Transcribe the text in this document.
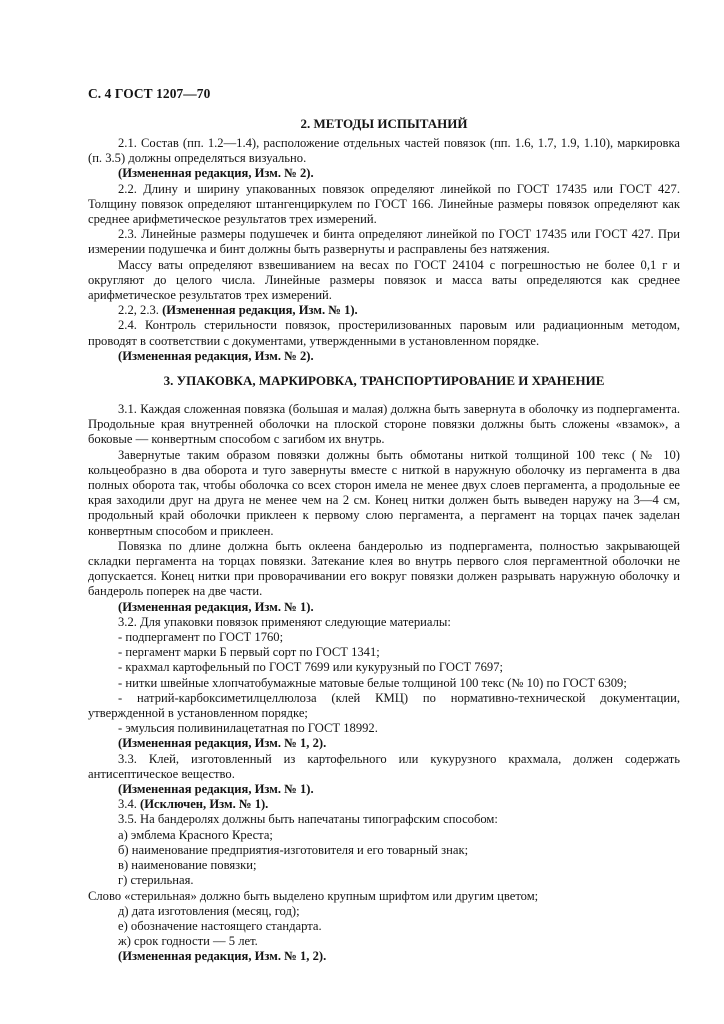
С. 4 ГОСТ 1207—70
2. МЕТОДЫ ИСПЫТАНИЙ

2.1. Состав (пп. 1.2—1.4), расположение отдельных частей повязок (пп. 1.6, 1.7, 1.9, 1.10), маркировка (п. 3.5) должны определяться визуально.

(Измененная редакция, Изм. № 2).

2.2. Длину и ширину упакованных повязок определяют линейкой по ГОСТ 17435 или ГОСТ 427. Толщину повязок определяют штангенциркулем по ГОСТ 166. Линейные размеры повязок определяют как среднее арифметическое результатов трех измерений.

2.3. Линейные размеры подушечек и бинта определяют линейкой по ГОСТ 17435 или ГОСТ 427. При измерении подушечка и бинт должны быть развернуты и расправлены без натяжения.

Массу ваты определяют взвешиванием на весах по ГОСТ 24104 с погрешностью не более 0,1 г и округляют до целого числа. Линейные размеры повязок и масса ваты определяются как среднее арифметическое результатов трех измерений.

2.2, 2.3. (Измененная редакция, Изм. № 1).

2.4. Контроль стерильности повязок, простерилизованных паровым или радиационным методом, проводят в соответствии с документами, утвержденными в установленном порядке.

(Измененная редакция, Изм. № 2).

3. УПАКОВКА, МАРКИРОВКА, ТРАНСПОРТИРОВАНИЕ И ХРАНЕНИЕ

3.1. Каждая сложенная повязка (большая и малая) должна быть завернута в оболочку из подпергамента. Продольные края внутренней оболочки на плоской стороне повязки должны быть сложены «взамок», а боковые — конвертным способом с загибом их внутрь.

Завернутые таким образом повязки должны быть обмотаны ниткой толщиной 100 текс (№ 10) кольцеобразно в два оборота и туго завернуты вместе с ниткой в наружную оболочку из пергамента в два полных оборота так, чтобы оболочка со всех сторон имела не менее двух слоев пергамента, а продольные ее края заходили друг на друга не менее чем на 2 см. Конец нитки должен быть выведен наружу на 3—4 см, продольный край оболочки приклеен к первому слою пергамента, а пергамент на торцах пачек заделан конвертным способом и приклеен.

Повязка по длине должна быть оклеена бандеролью из подпергамента, полностью закрывающей складки пергамента на торцах повязки. Затекание клея во внутрь первого слоя пергаментной оболочки не допускается. Конец нитки при проворачивании его вокруг повязки должен разрывать наружную оболочку и бандероль поперек на две части.

(Измененная редакция, Изм. № 1).

3.2. Для упаковки повязок применяют следующие материалы:

- подпергамент по ГОСТ 1760;

- пергамент марки Б первый сорт по ГОСТ 1341;

- крахмал картофельный по ГОСТ 7699 или кукурузный по ГОСТ 7697;

- нитки швейные хлопчатобумажные матовые белые толщиной 100 текс (№ 10) по ГОСТ 6309;

- натрий-карбоксиметилцеллюлоза (клей КМЦ) по нормативно-технической документации, утвержденной в установленном порядке;

- эмульсия поливинилацетатная по ГОСТ 18992.

(Измененная редакция, Изм. № 1, 2).

3.3. Клей, изготовленный из картофельного или кукурузного крахмала, должен содержать антисептическое вещество.

(Измененная редакция, Изм. № 1).

3.4. (Исключен, Изм. № 1).

3.5. На бандеролях должны быть напечатаны типографским способом:

а) эмблема Красного Креста;

б) наименование предприятия-изготовителя и его товарный знак;

в) наименование повязки;

г) стерильная.

Слово «стерильная» должно быть выделено крупным шрифтом или другим цветом;

д) дата изготовления (месяц, год);

е) обозначение настоящего стандарта.

ж) срок годности — 5 лет.

(Измененная редакция, Изм. № 1, 2).
